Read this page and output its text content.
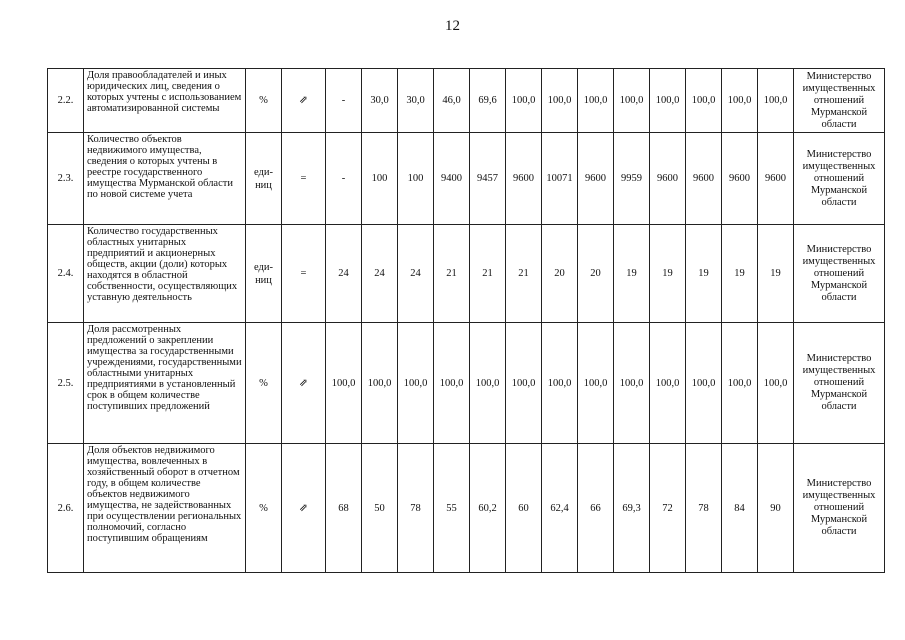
12
2.2.	Доля правообладателей и иных юридических лиц, сведения о которых учтены с использованием автоматизированной системы	%	⇗	-	30,0	30,0	46,0	69,6	100,0	100,0	100,0	100,0	100,0	100,0	100,0	100,0	Министерство имущественных отношений Мурманской области
2.3.	Количество объектов недвижимого имущества, сведения о которых учтены в реестре государственного имущества Мурманской области по новой системе учета	еди-ниц	=	-	100	100	9400	9457	9600	10071	9600	9959	9600	9600	9600	9600	Министерство имущественных отношений Мурманской области
2.4.	Количество государственных областных унитарных предприятий и акционерных обществ, акции (доли) которых находятся в областной собственности, осуществляющих уставную деятельность	еди-ниц	=	24	24	24	21	21	21	20	20	19	19	19	19	19	Министерство имущественных отношений Мурманской области
2.5.	Доля рассмотренных предложений о закреплении имущества за государственными учреждениями, государственными областными унитарных предприятиями в установленный срок в общем количестве поступивших предложений	%	⇗	100,0	100,0	100,0	100,0	100,0	100,0	100,0	100,0	100,0	100,0	100,0	100,0	100,0	Министерство имущественных отношений Мурманской области
2.6.	Доля объектов недвижимого имущества, вовлеченных в хозяйственный оборот в отчетном году, в общем количестве объектов недвижимого имущества, не задействованных при осуществлении региональных полномочий, согласно поступившим обращениям	%	⇗	68	50	78	55	60,2	60	62,4	66	69,3	72	78	84	90	Министерство имущественных отношений Мурманской области
